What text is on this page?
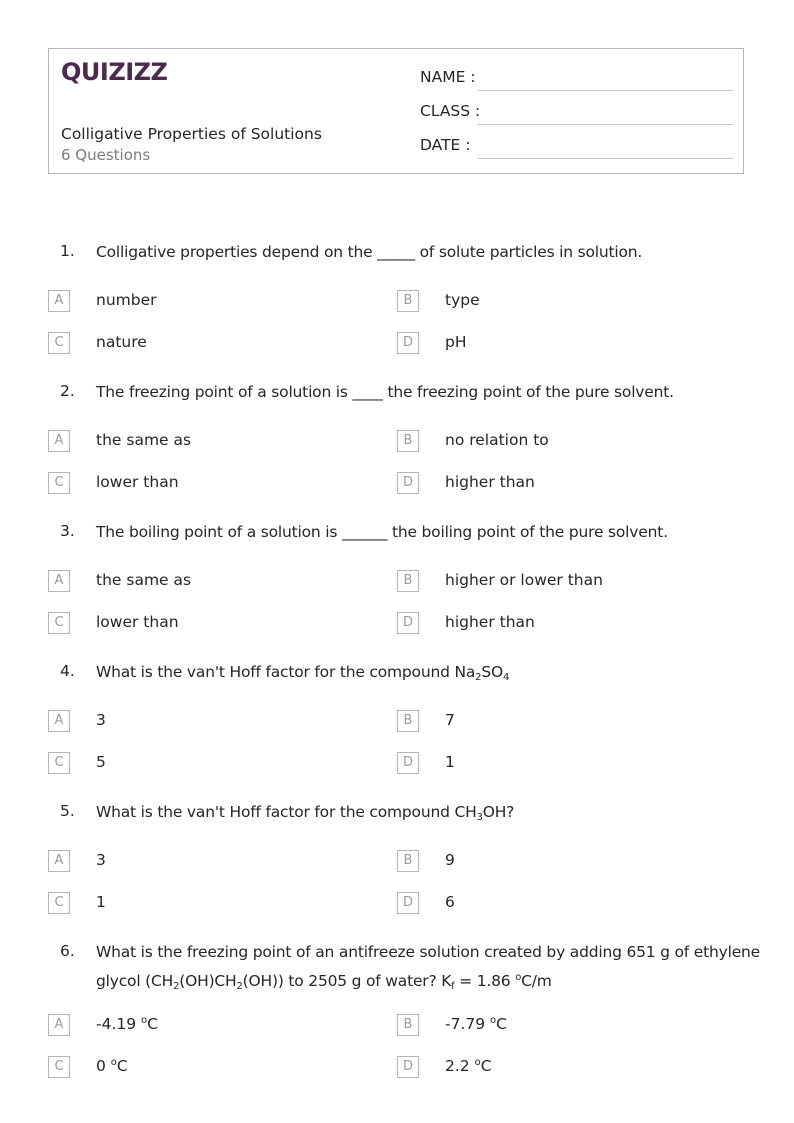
QUIZIZZ
Colligative Properties of Solutions
6 Questions
NAME :
CLASS :
DATE :
1. Colligative properties depend on the _____ of solute particles in solution.
A	number	B	type
C	nature	D	pH
2. The freezing point of a solution is ____ the freezing point of the pure solvent.
A	the same as	B	no relation to
C	lower than	D	higher than
3. The boiling point of a solution is ______ the boiling point of the pure solvent.
A	the same as	B	higher or lower than
C	lower than	D	higher than
4. What is the van't Hoff factor for the compound $Na_2SO_4$
A	3	B	7
C	5	D	1
5. What is the van't Hoff factor for the compound $CH_3OH$?
A	3	B	9
C	1	D	6
6. What is the freezing point of an antifreeze solution created by adding 651 g of ethylene
glycol $(CH_2(OH)CH_2(OH))$ to 2505 g of water? $K_f = 1.86$ $^o$C/m
A	-4.19 $^o$C	B	-7.79 $^o$C
C	0 $^o$C	D	2.2 $^o$C
